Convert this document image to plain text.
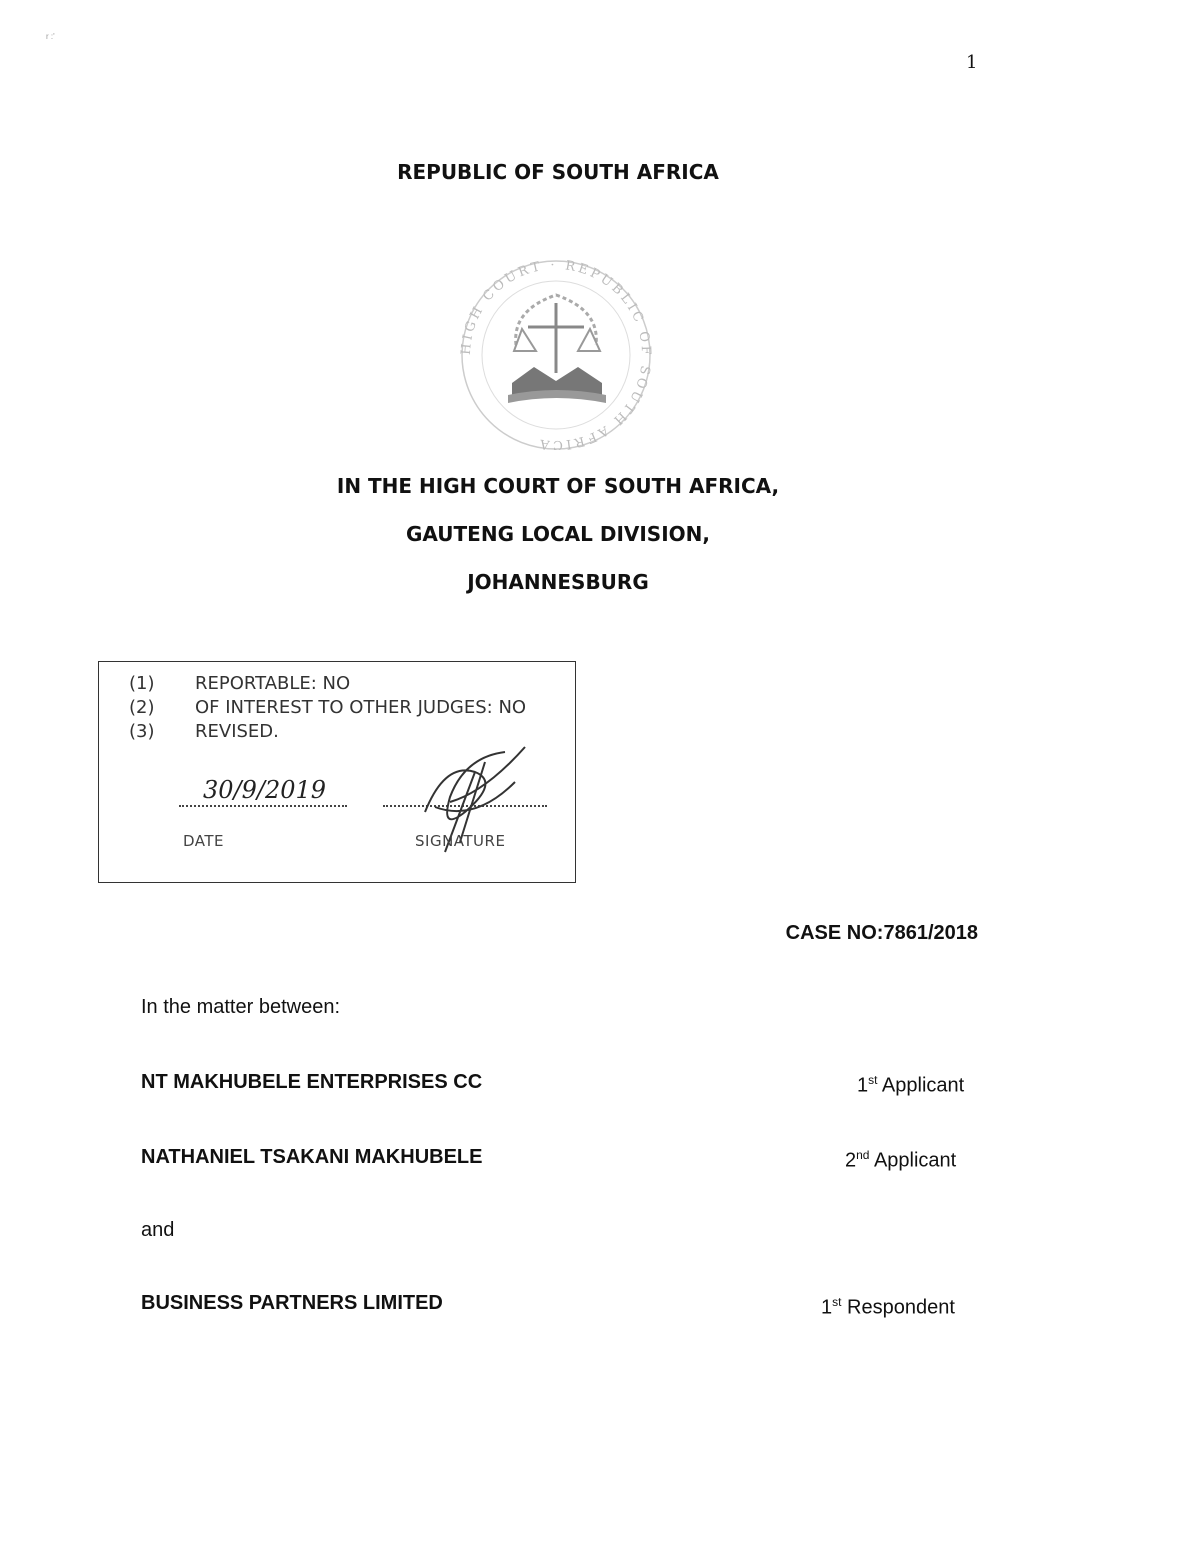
r :'
1
REPUBLIC OF SOUTH AFRICA
HIGH COURT · REPUBLIC OF SOUTH AFRICA
IN THE HIGH COURT OF SOUTH AFRICA,
GAUTENG LOCAL DIVISION,
JOHANNESBURG
(1) REPORTABLE: NO
(2) OF INTEREST TO OTHER JUDGES: NO
(3) REVISED.
30/9/2019
DATE	SIGNATURE
CASE NO:7861/2018
In the matter between:
NT MAKHUBELE ENTERPRISES CC	1st Applicant
NATHANIEL TSAKANI MAKHUBELE	2nd Applicant
and
BUSINESS PARTNERS LIMITED	1st Respondent
